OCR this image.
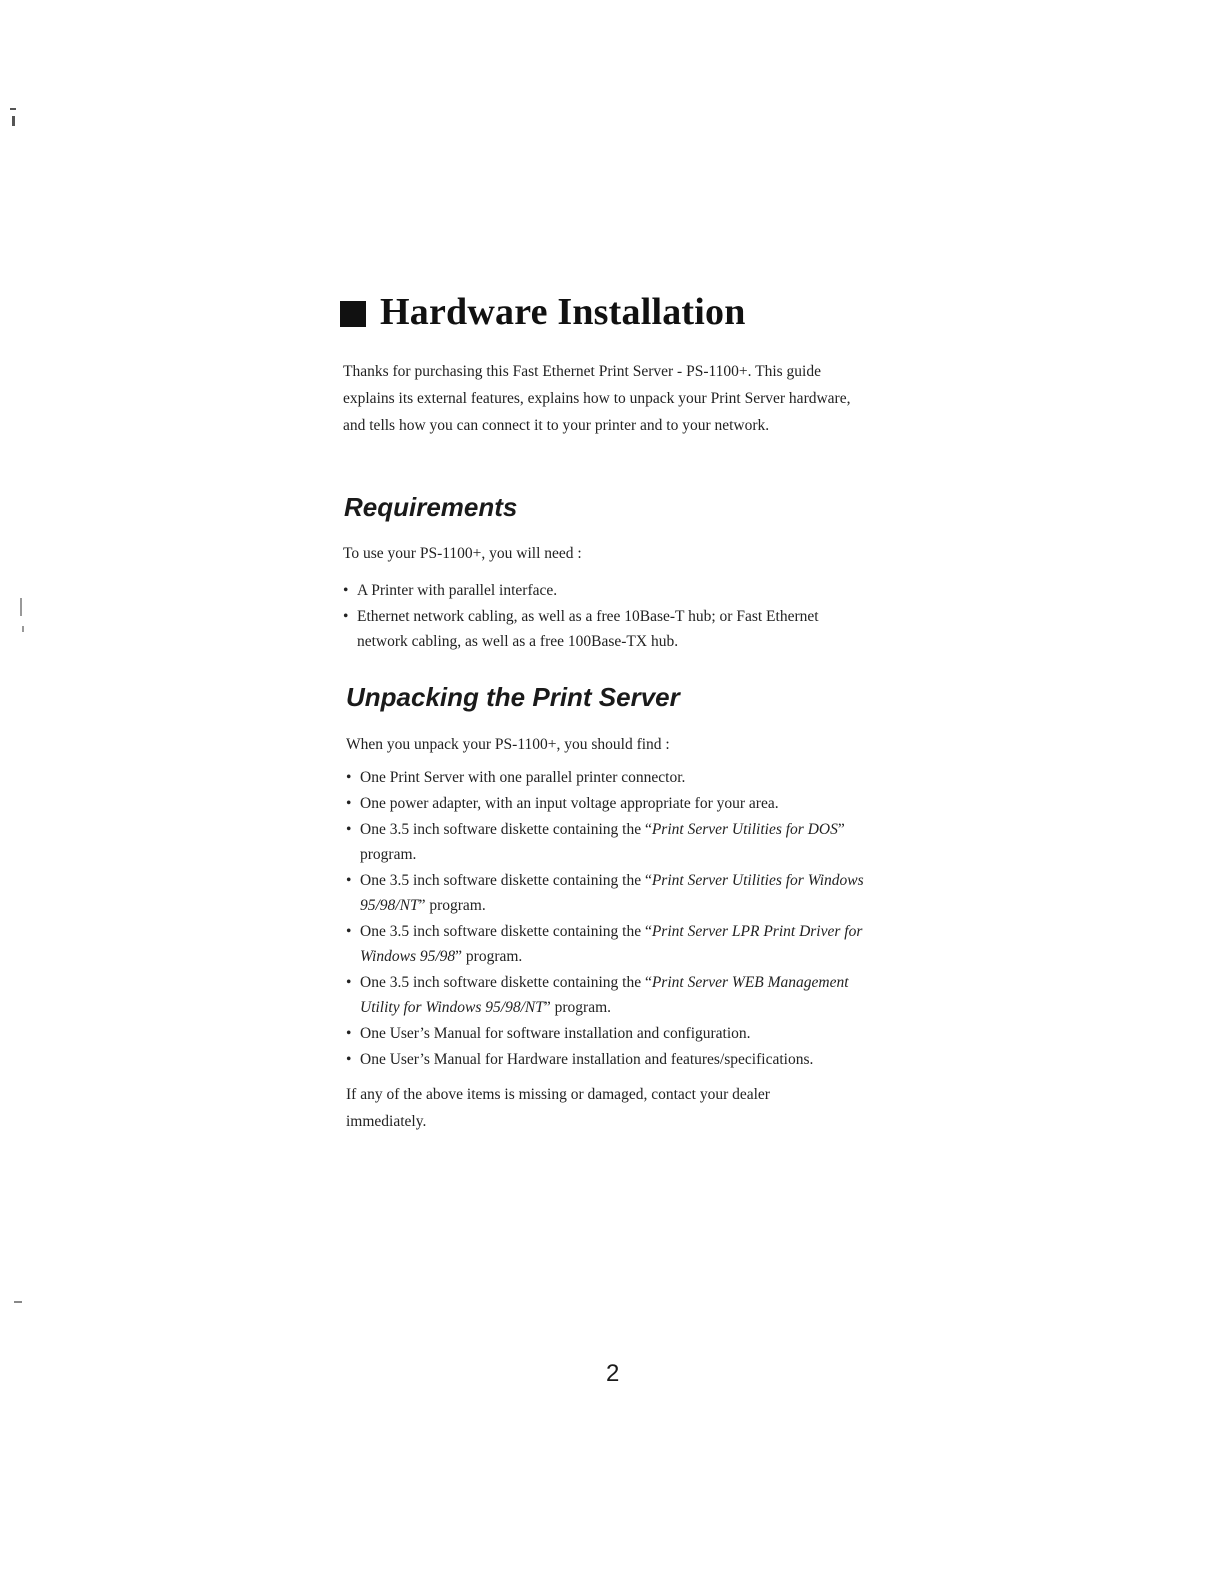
Hardware Installation
Thanks for purchasing this Fast Ethernet Print Server - PS-1100+. This guide explains its external features, explains how to unpack your Print Server hardware, and tells how you can connect it to your printer and to your network.
Requirements
To use your PS-1100+, you will need :
• A Printer with parallel interface.
• Ethernet network cabling, as well as a free 10Base-T hub; or Fast Ethernet network cabling, as well as a free 100Base-TX hub.
Unpacking the Print Server
When you unpack your PS-1100+, you should find :
• One Print Server with one parallel printer connector.
• One power adapter, with an input voltage appropriate for your area.
• One 3.5 inch software diskette containing the “Print Server Utilities for DOS” program.
• One 3.5 inch software diskette containing the “Print Server Utilities for Windows 95/98/NT” program.
• One 3.5 inch software diskette containing the “Print Server LPR Print Driver for Windows 95/98” program.
• One 3.5 inch software diskette containing the “Print Server WEB Management Utility for Windows 95/98/NT” program.
• One User’s Manual for software installation and configuration.
• One User’s Manual for Hardware installation and features/specifications.
If any of the above items is missing or damaged, contact your dealer immediately.
2
